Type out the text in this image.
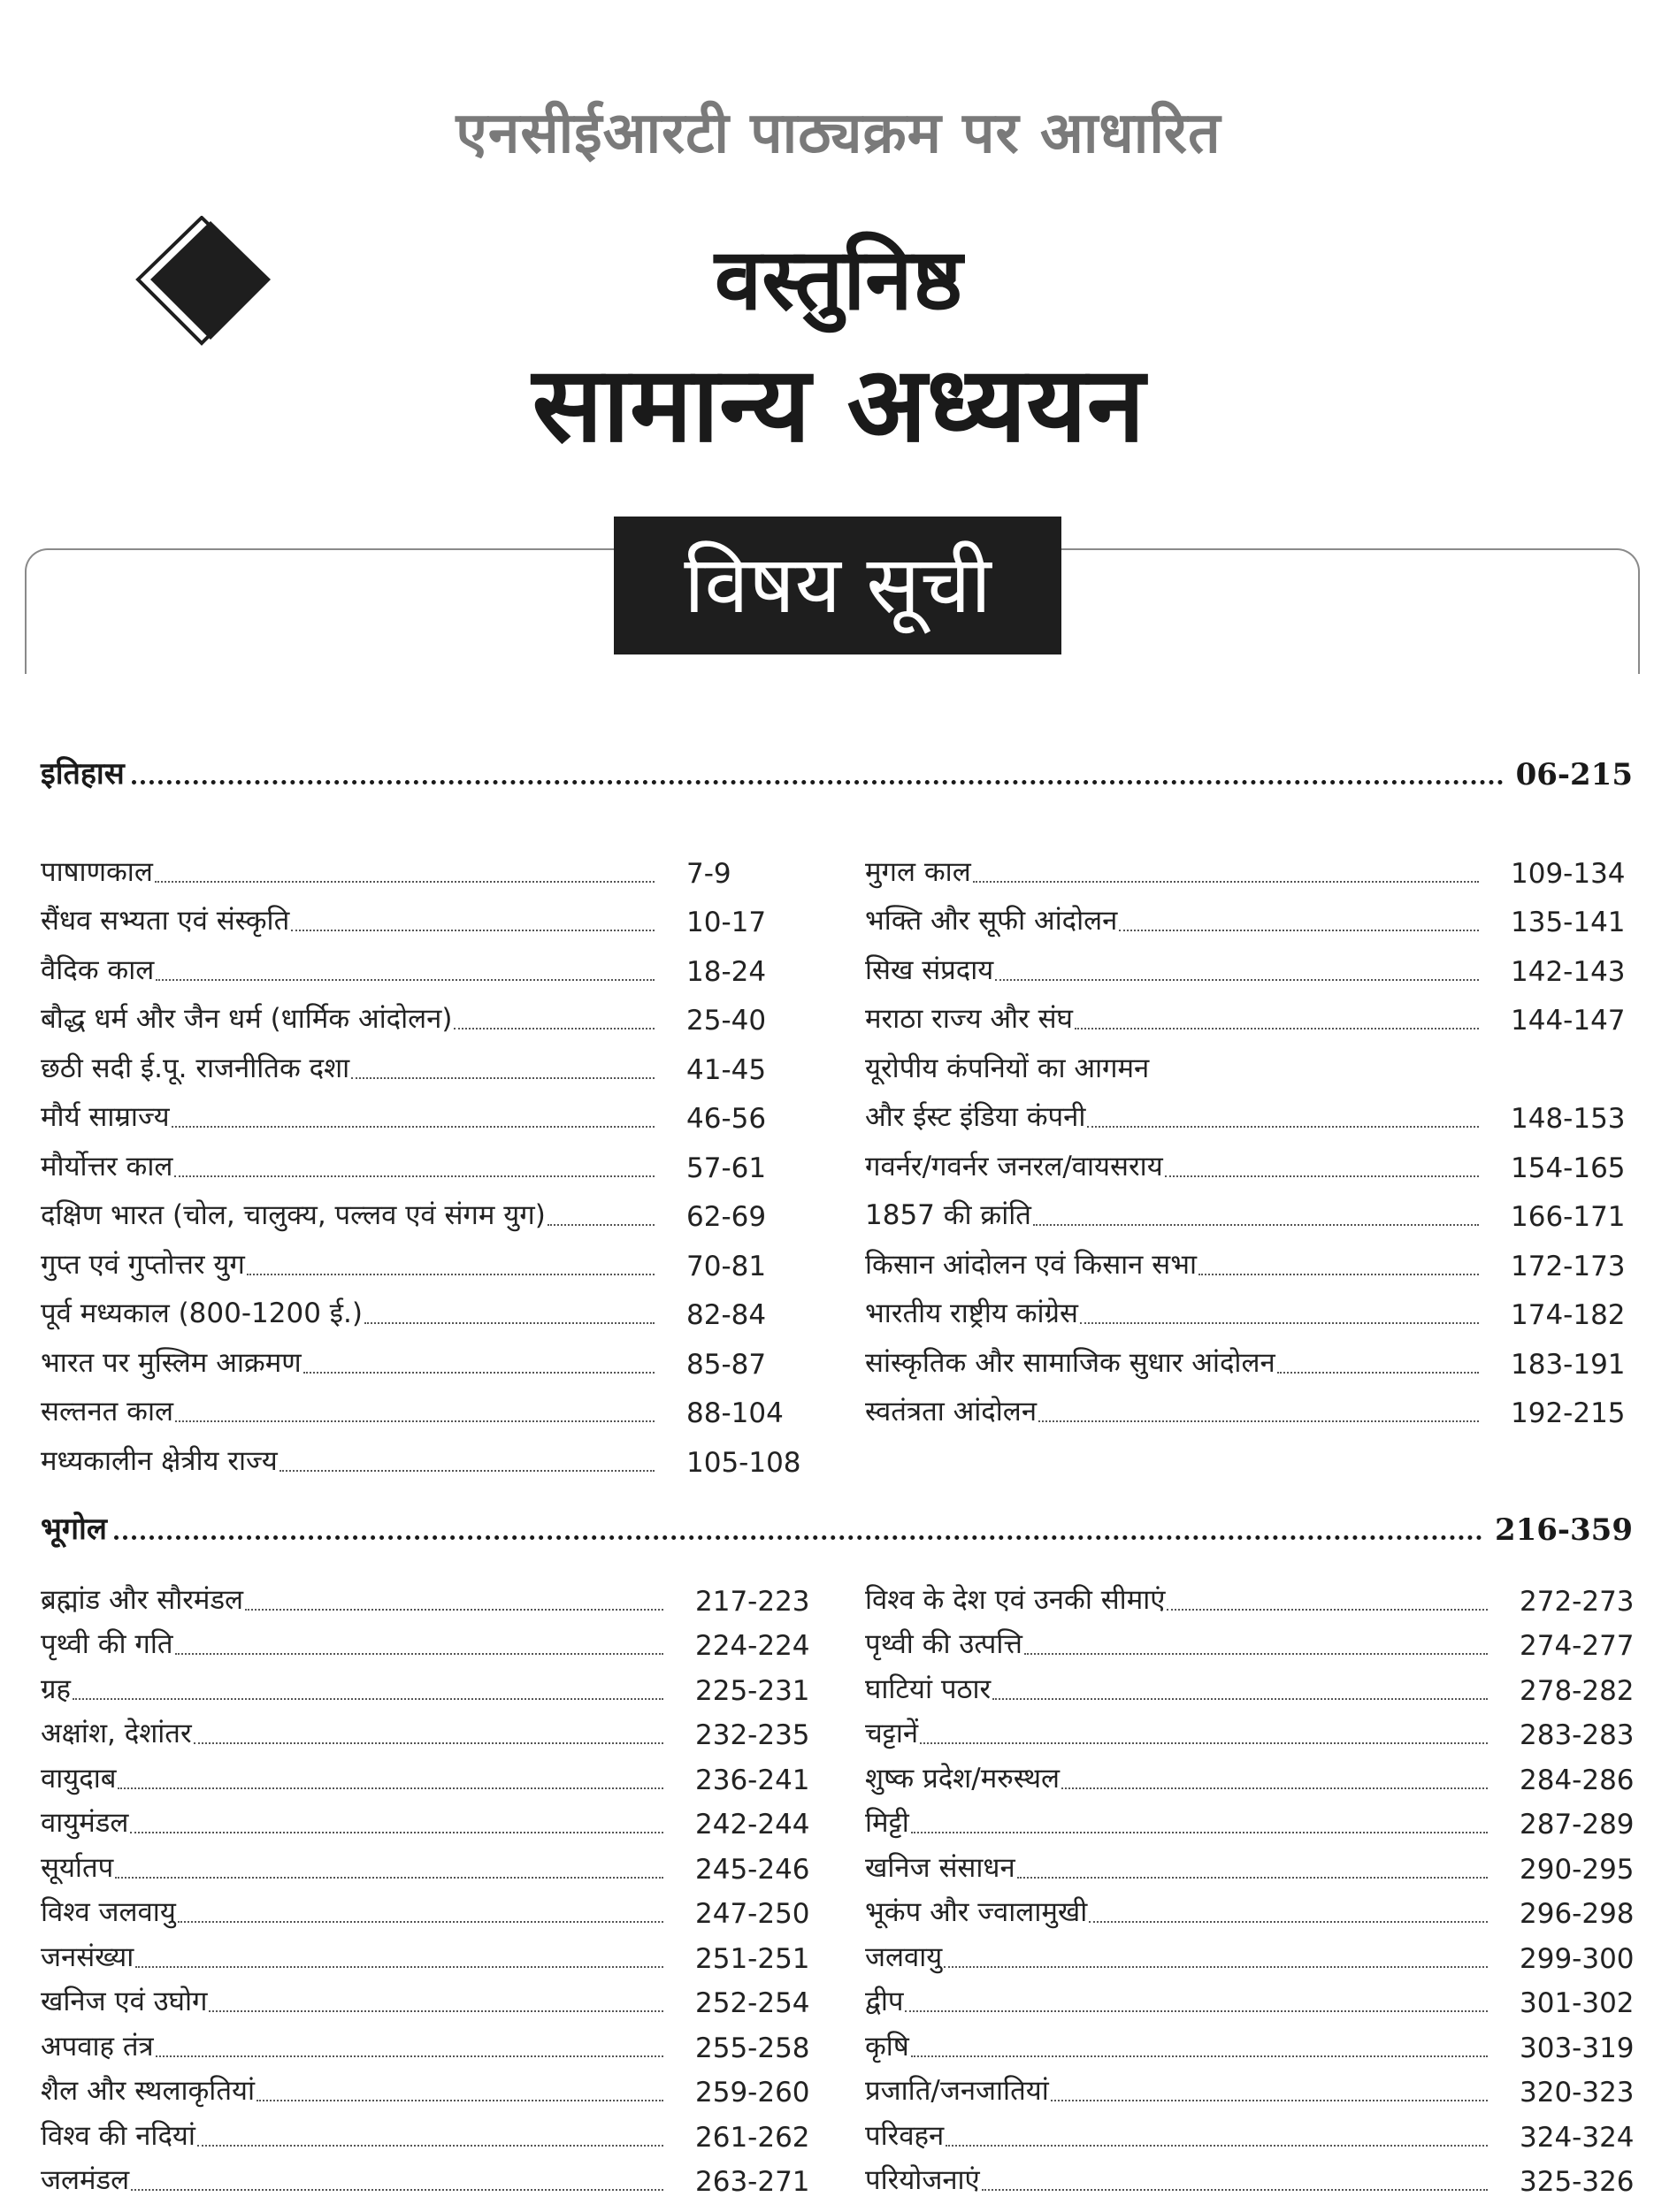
एनसीईआरटी पाठ्यक्रम पर आधारित
वस्तुनिष्ठ
सामान्य अध्ययन
विषय सूची
इतिहास	06-215
पाषाणकाल	7-9
सैंधव सभ्यता एवं संस्कृति	10-17
वैदिक काल	18-24
बौद्ध धर्म और जैन धर्म (धार्मिक आंदोलन)	25-40
छठी सदी ई.पू. राजनीतिक दशा	41-45
मौर्य साम्राज्य	46-56
मौर्योत्तर काल	57-61
दक्षिण भारत (चोल, चालुक्य, पल्लव एवं संगम युग)	62-69
गुप्त एवं गुप्तोत्तर युग	70-81
पूर्व मध्यकाल (800-1200 ई.)	82-84
भारत पर मुस्लिम आक्रमण	85-87
सल्तनत काल	88-104
मध्यकालीन क्षेत्रीय राज्य	105-108
मुगल काल	109-134
भक्ति और सूफी आंदोलन	135-141
सिख संप्रदाय	142-143
मराठा राज्य और संघ	144-147
यूरोपीय कंपनियों का आगमन
और ईस्ट इंडिया कंपनी	148-153
गवर्नर/गवर्नर जनरल/वायसराय	154-165
1857 की क्रांति	166-171
किसान आंदोलन एवं किसान सभा	172-173
भारतीय राष्ट्रीय कांग्रेस	174-182
सांस्कृतिक और सामाजिक सुधार आंदोलन	183-191
स्वतंत्रता आंदोलन	192-215
भूगोल	216-359
ब्रह्मांड और सौरमंडल	217-223
पृथ्वी की गति	224-224
ग्रह	225-231
अक्षांश, देशांतर	232-235
वायुदाब	236-241
वायुमंडल	242-244
सूर्यातप	245-246
विश्व जलवायु	247-250
जनसंख्या	251-251
खनिज एवं उघोग	252-254
अपवाह तंत्र	255-258
शैल और स्थलाकृतियां	259-260
विश्व की नदियां	261-262
जलमंडल	263-271
विश्व के देश एवं उनकी सीमाएं	272-273
पृथ्वी की उत्पत्ति	274-277
घाटियां पठार	278-282
चट्टानें	283-283
शुष्क प्रदेश/मरुस्थल	284-286
मिट्टी	287-289
खनिज संसाधन	290-295
भूकंप और ज्वालामुखी	296-298
जलवायु	299-300
द्वीप	301-302
कृषि	303-319
प्रजाति/जनजातियां	320-323
परिवहन	324-324
परियोजनाएं	325-326
